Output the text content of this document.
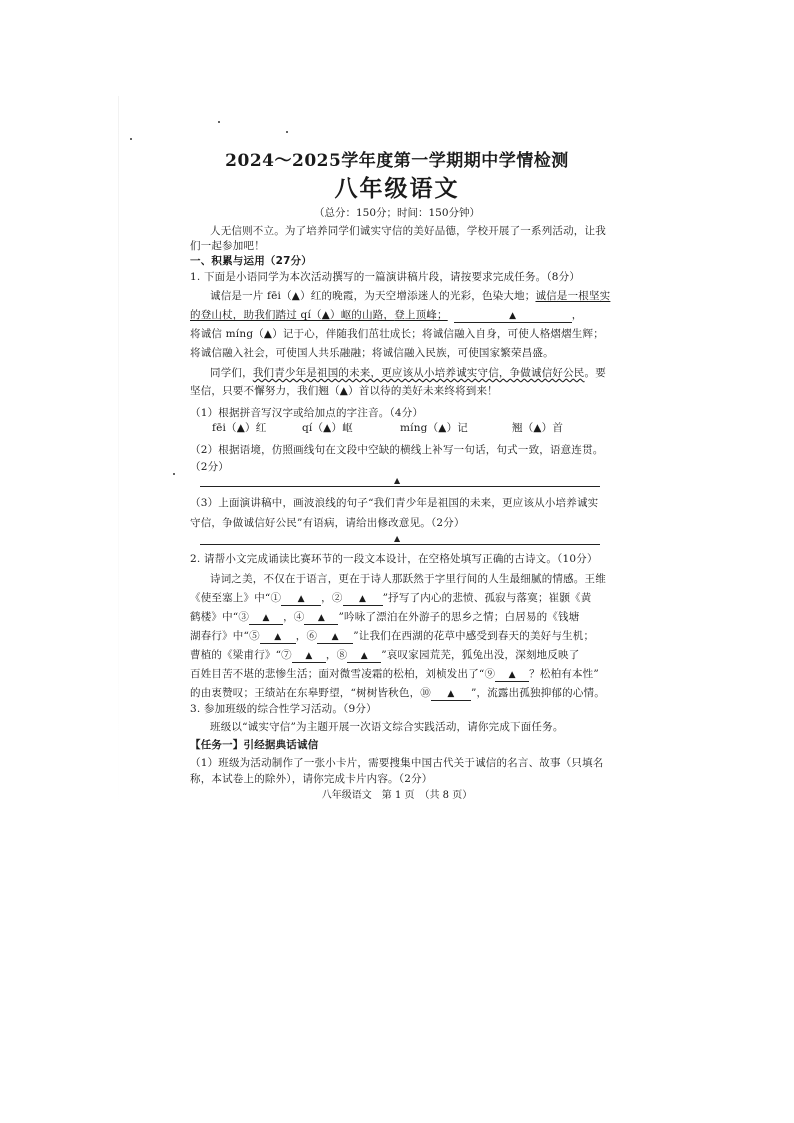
2024～2025学年度第一学期期中学情检测
八年级语文
（总分：150分；时间：150分钟）
人无信则不立。为了培养同学们诚实守信的美好品德，学校开展了一系列活动，让我
们一起参加吧！
一、积累与运用（27分）
1. 下面是小语同学为本次活动撰写的一篇演讲稿片段，请按要求完成任务。（8分）
诚信是一片 fēi（▲）红的晚霞，为天空增添迷人的光彩，色染大地；诚信是一根坚实
的登山杖，助我们踏过 qí（▲）岖的山路，登上顶峰；	▲	，
将诚信 míng（▲）记于心，伴随我们茁壮成长；将诚信融入自身，可使人格熠熠生辉；
将诚信融入社会，可使国人共乐融融；将诚信融入民族，可使国家繁荣昌盛。
同学们，我们青少年是祖国的未来，更应该从小培养诚实守信，争做诚信好公民。要
坚信，只要不懈努力，我们翘（▲）首以待的美好未来终将到来！
（1）根据拼音写汉字或给加点的字注音。（4分）
fēi（▲）红	qí（▲）岖	míng（▲）记	翘（▲）首
（2）根据语境，仿照画线句在文段中空缺的横线上补写一句话，句式一致，语意连贯。
（2分）
▲
（3）上面演讲稿中，画波浪线的句子“我们青少年是祖国的未来，更应该从小培养诚实
守信，争做诚信好公民”有语病，请给出修改意见。（2分）
▲
2. 请帮小文完成诵读比赛环节的一段文本设计，在空格处填写正确的古诗文。（10分）
诗词之美，不仅在于语言，更在于诗人那跃然于字里行间的人生最细腻的情感。王维
《使至塞上》中“① ▲ ，② ▲ ”抒写了内心的悲愤、孤寂与落寞；崔颢《黄
鹤楼》中“③ ▲ ，④ ▲ ”吟咏了漂泊在外游子的思乡之情；白居易的《钱塘
湖春行》中“⑤ ▲ ，⑥ ▲ ”让我们在西湖的花草中感受到春天的美好与生机；
曹植的《梁甫行》“⑦ ▲ ，⑧ ▲ ”哀叹家园荒芜，狐兔出没，深刻地反映了
百姓目苦不堪的悲惨生活；面对微雪凌霜的松柏，刘桢发出了“⑨ ▲ ？松柏有本性”
的由衷赞叹；王绩站在东皋野望，“树树皆秋色，⑩ ▲ ”，流露出孤独抑郁的心情。
3. 参加班级的综合性学习活动。（9分）
班级以“诚实守信”为主题开展一次语文综合实践活动，请你完成下面任务。
【任务一】引经据典话诚信
（1）班级为活动制作了一张小卡片，需要搜集中国古代关于诚信的名言、故事（只填名
称，本试卷上的除外），请你完成卡片内容。（2分）
八年级语文　第 1 页　（共 8 页）
